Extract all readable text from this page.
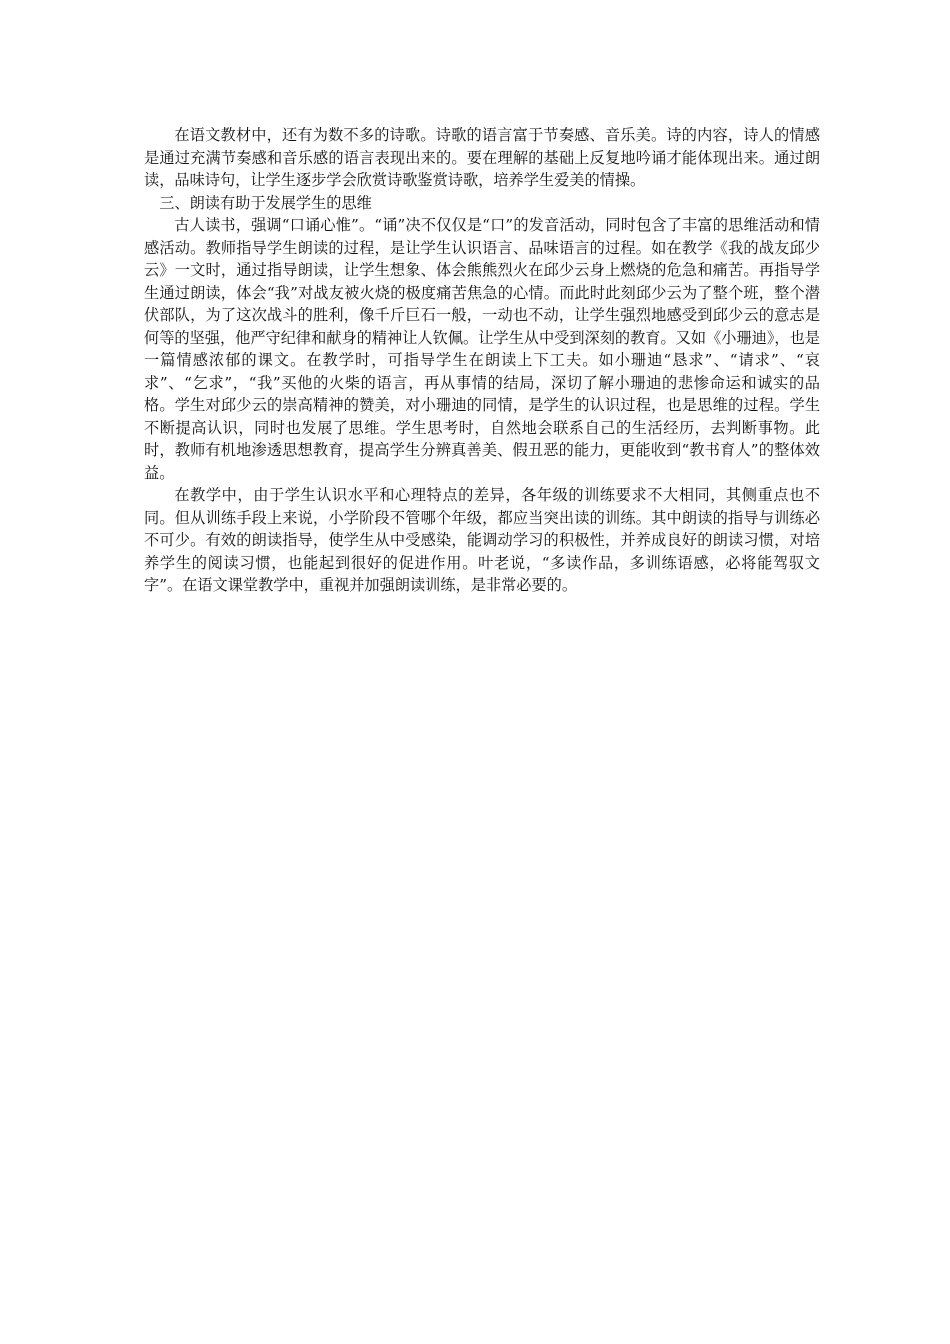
在语文教材中，还有为数不多的诗歌。诗歌的语言富于节奏感、音乐美。诗的内容，诗人的情感是通过充满节奏感和音乐感的语言表现出来的。要在理解的基础上反复地吟诵才能体现出来。通过朗读，品味诗句，让学生逐步学会欣赏诗歌鉴赏诗歌，培养学生爱美的情操。

三、朗读有助于发展学生的思维

古人读书，强调“口诵心惟”。“诵”决不仅仅是“口”的发音活动，同时包含了丰富的思维活动和情感活动。教师指导学生朗读的过程，是让学生认识语言、品味语言的过程。如在教学《我的战友邱少云》一文时，通过指导朗读，让学生想象、体会熊熊烈火在邱少云身上燃烧的危急和痛苦。再指导学生通过朗读，体会“我”对战友被火烧的极度痛苦焦急的心情。而此时此刻邱少云为了整个班，整个潜伏部队，为了这次战斗的胜利，像千斤巨石一般，一动也不动，让学生强烈地感受到邱少云的意志是何等的坚强，他严守纪律和献身的精神让人钦佩。让学生从中受到深刻的教育。又如《小珊迪》，也是一篇情感浓郁的课文。在教学时，可指导学生在朗读上下工夫。如小珊迪“恳求”、“请求”、“哀求”、“乞求”，“我”买他的火柴的语言，再从事情的结局，深切了解小珊迪的悲惨命运和诚实的品格。学生对邱少云的崇高精神的赞美，对小珊迪的同情，是学生的认识过程，也是思维的过程。学生不断提高认识，同时也发展了思维。学生思考时，自然地会联系自己的生活经历，去判断事物。此时，教师有机地渗透思想教育，提高学生分辨真善美、假丑恶的能力，更能收到“教书育人”的整体效益。

在教学中，由于学生认识水平和心理特点的差异，各年级的训练要求不大相同，其侧重点也不同。但从训练手段上来说，小学阶段不管哪个年级，都应当突出读的训练。其中朗读的指导与训练必不可少。有效的朗读指导，使学生从中受感染，能调动学习的积极性，并养成良好的朗读习惯，对培养学生的阅读习惯，也能起到很好的促进作用。叶老说，“多读作品，多训练语感，必将能驾驭文字”。在语文课堂教学中，重视并加强朗读训练，是非常必要的。
